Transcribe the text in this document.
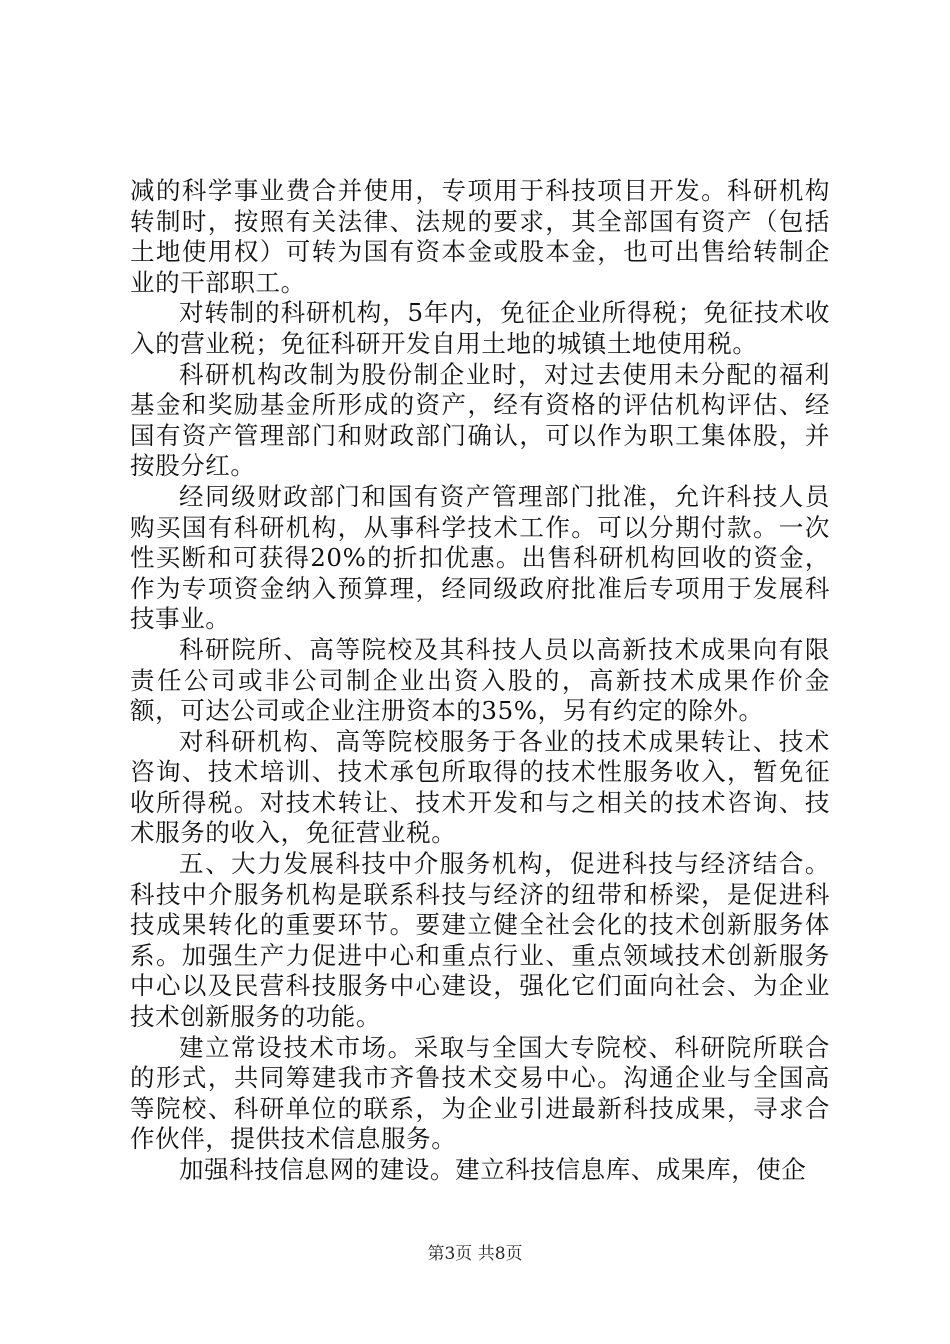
减的科学事业费合并使用，专项用于科技项目开发。科研机构转制时，按照有关法律、法规的要求，其全部国有资产（包括土地使用权）可转为国有资本金或股本金，也可出售给转制企业的干部职工。

对转制的科研机构，5年内，免征企业所得税；免征技术收入的营业税；免征科研开发自用土地的城镇土地使用税。

科研机构改制为股份制企业时，对过去使用未分配的福利基金和奖励基金所形成的资产，经有资格的评估机构评估、经国有资产管理部门和财政部门确认，可以作为职工集体股，并按股分红。

经同级财政部门和国有资产管理部门批准，允许科技人员购买国有科研机构，从事科学技术工作。可以分期付款。一次性买断和可获得20%的折扣优惠。出售科研机构回收的资金，作为专项资金纳入预算理，经同级政府批准后专项用于发展科技事业。

科研院所、高等院校及其科技人员以高新技术成果向有限责任公司或非公司制企业出资入股的，高新技术成果作价金额，可达公司或企业注册资本的35%，另有约定的除外。

对科研机构、高等院校服务于各业的技术成果转让、技术咨询、技术培训、技术承包所取得的技术性服务收入，暂免征收所得税。对技术转让、技术开发和与之相关的技术咨询、技术服务的收入，免征营业税。

五、大力发展科技中介服务机构，促进科技与经济结合。科技中介服务机构是联系科技与经济的纽带和桥梁，是促进科技成果转化的重要环节。要建立健全社会化的技术创新服务体系。加强生产力促进中心和重点行业、重点领域技术创新服务中心以及民营科技服务中心建设，强化它们面向社会、为企业技术创新服务的功能。

建立常设技术市场。采取与全国大专院校、科研院所联合的形式，共同筹建我市齐鲁技术交易中心。沟通企业与全国高等院校、科研单位的联系，为企业引进最新科技成果，寻求合作伙伴，提供技术信息服务。

加强科技信息网的建设。建立科技信息库、成果库，使企

第3页 共8页
